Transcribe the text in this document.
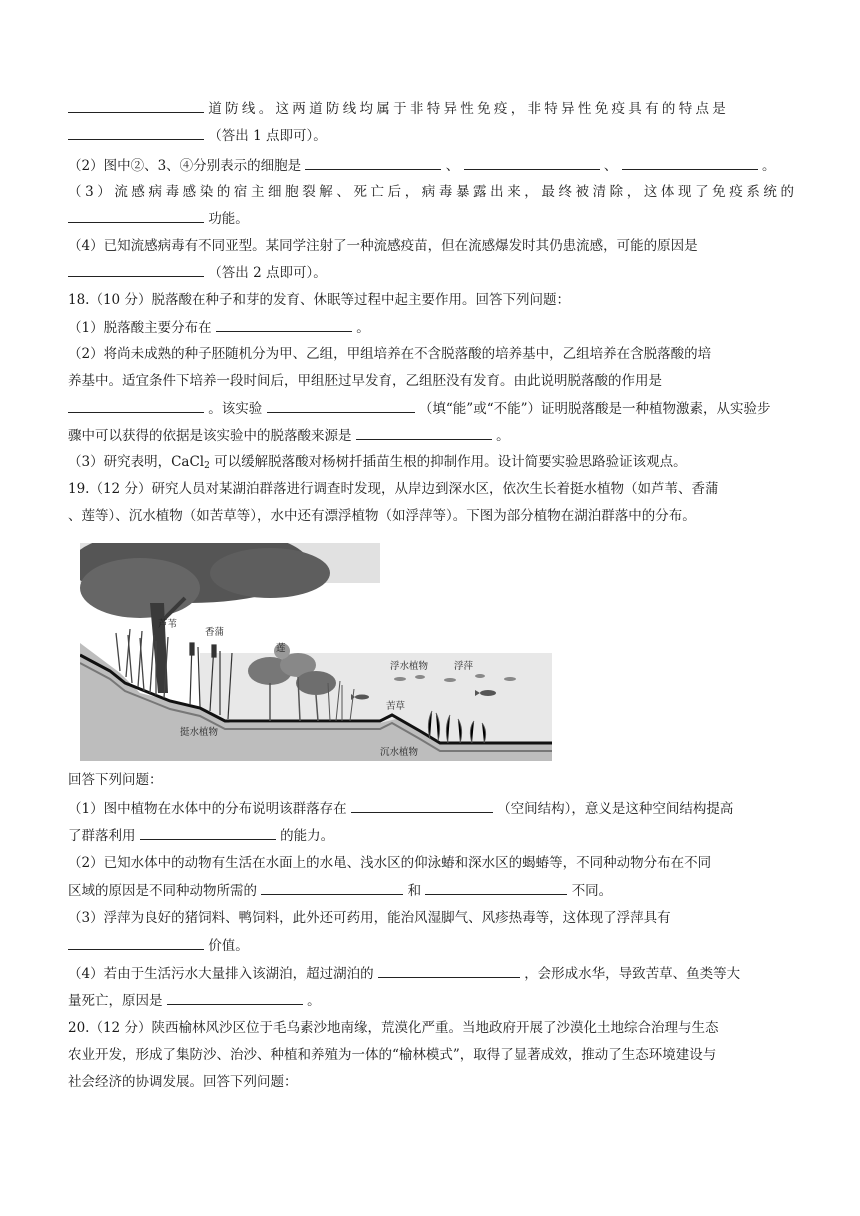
道防线。这两道防线均属于非特异性免疫，非特异性免疫具有的特点是
（答出 1 点即可）。
（2）图中②、3、④分别表示的细胞是	、	、	。
（3）流感病毒感染的宿主细胞裂解、死亡后，病毒暴露出来，最终被清除，这体现了免疫系统的
功能。
（4）已知流感病毒有不同亚型。某同学注射了一种流感疫苗，但在流感爆发时其仍患流感，可能的原因是
（答出 2 点即可）。
18.（10 分）脱落酸在种子和芽的发育、休眠等过程中起主要作用。回答下列问题：
（1）脱落酸主要分布在	。
（2）将尚未成熟的种子胚随机分为甲、乙组，甲组培养在不含脱落酸的培养基中，乙组培养在含脱落酸的培
养基中。适宜条件下培养一段时间后，甲组胚过早发育，乙组胚没有发育。由此说明脱落酸的作用是
。该实验	（填“能”或“不能”）证明脱落酸是一种植物激素，从实验步
骤中可以获得的依据是该实验中的脱落酸来源是	。
（3）研究表明，CaCl$_2$ 可以缓解脱落酸对杨树扦插苗生根的抑制作用。设计简要实验思路验证该观点。
19.（12 分）研究人员对某湖泊群落进行调查时发现，从岸边到深水区，依次生长着挺水植物（如芦苇、香蒲
、莲等）、沉水植物（如苦草等），水中还有漂浮植物（如浮萍等）。下图为部分植物在湖泊群落中的分布。
芦苇
香蒲
莲
浮水植物	浮萍
苦草
挺水植物
沉水植物
回答下列问题：
（1）图中植物在水体中的分布说明该群落存在	（空间结构），意义是这种空间结构提高
了群落利用	的能力。
（2）已知水体中的动物有生活在水面上的水黾、浅水区的仰泳蝽和深水区的蝎蝽等，不同种动物分布在不同
区域的原因是不同种动物所需的	和	不同。
（3）浮萍为良好的猪饲料、鸭饲料，此外还可药用，能治风湿脚气、风疹热毒等，这体现了浮萍具有
价值。
（4）若由于生活污水大量排入该湖泊，超过湖泊的	，会形成水华，导致苦草、鱼类等大
量死亡，原因是	。
20.（12 分）陕西榆林风沙区位于毛乌素沙地南缘，荒漠化严重。当地政府开展了沙漠化土地综合治理与生态
农业开发，形成了集防沙、治沙、种植和养殖为一体的“榆林模式”，取得了显著成效，推动了生态环境建设与
社会经济的协调发展。回答下列问题：
